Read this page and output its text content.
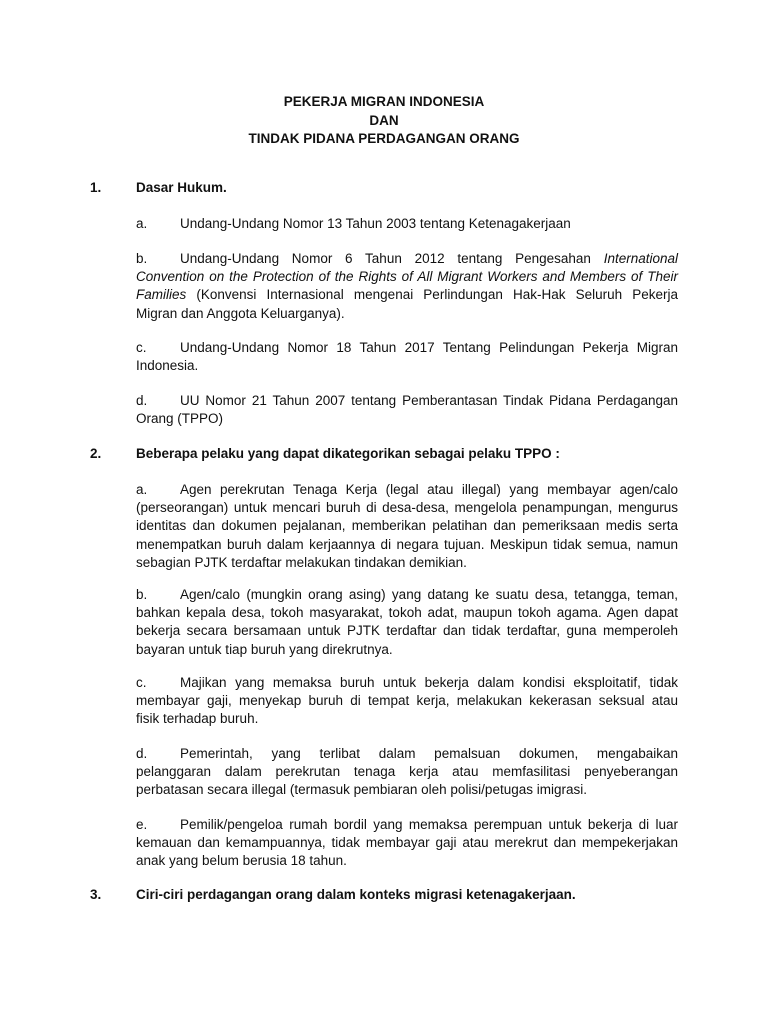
PEKERJA MIGRAN INDONESIA
DAN
TINDAK PIDANA PERDAGANGAN ORANG
1.	Dasar Hukum.
a. Undang-Undang Nomor 13 Tahun 2003 tentang Ketenagakerjaan
b. Undang-Undang Nomor 6 Tahun 2012 tentang Pengesahan International
Convention on the Protection of the Rights of All Migrant Workers and Members of Their
Families (Konvensi Internasional mengenai Perlindungan Hak-Hak Seluruh Pekerja
Migran dan Anggota Keluarganya).
c. Undang-Undang Nomor 18 Tahun 2017 Tentang Pelindungan Pekerja Migran
Indonesia.
d. UU Nomor 21 Tahun 2007 tentang Pemberantasan Tindak Pidana Perdagangan
Orang (TPPO)
2.	Beberapa pelaku yang dapat dikategorikan sebagai pelaku TPPO :
a. Agen perekrutan Tenaga Kerja (legal atau illegal) yang membayar agen/calo
(perseorangan) untuk mencari buruh di desa-desa, mengelola penampungan, mengurus
identitas dan dokumen pejalanan, memberikan pelatihan dan pemeriksaan medis serta
menempatkan buruh dalam kerjaannya di negara tujuan. Meskipun tidak semua, namun
sebagian PJTK terdaftar melakukan tindakan demikian.
b. Agen/calo (mungkin orang asing) yang datang ke suatu desa, tetangga, teman,
bahkan kepala desa, tokoh masyarakat, tokoh adat, maupun tokoh agama. Agen dapat
bekerja secara bersamaan untuk PJTK terdaftar dan tidak terdaftar, guna memperoleh
bayaran untuk tiap buruh yang direkrutnya.
c. Majikan yang memaksa buruh untuk bekerja dalam kondisi eksploitatif, tidak
membayar gaji, menyekap buruh di tempat kerja, melakukan kekerasan seksual atau
fisik terhadap buruh.
d. Pemerintah, yang terlibat dalam pemalsuan dokumen, mengabaikan
pelanggaran dalam perekrutan tenaga kerja atau memfasilitasi penyeberangan
perbatasan secara illegal (termasuk pembiaran oleh polisi/petugas imigrasi.
e. Pemilik/pengeloa rumah bordil yang memaksa perempuan untuk bekerja di luar
kemauan dan kemampuannya, tidak membayar gaji atau merekrut dan mempekerjakan
anak yang belum berusia 18 tahun.
3.	Ciri-ciri perdagangan orang dalam konteks migrasi ketenagakerjaan.
